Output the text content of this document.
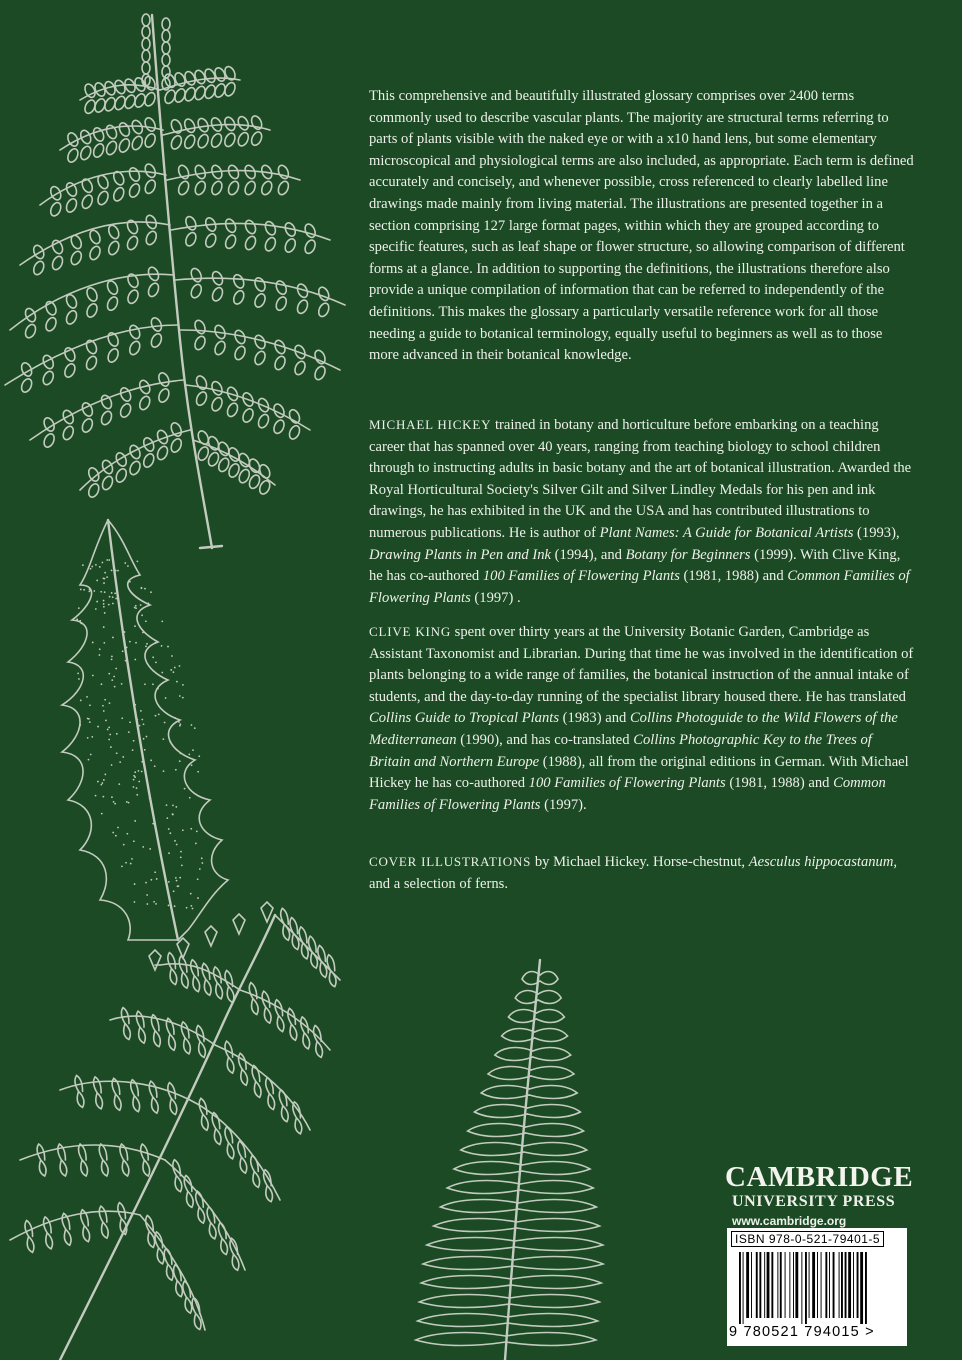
This comprehensive and beautifully illustrated glossary comprises over 2400 terms commonly used to describe vascular plants. The majority are structural terms referring to parts of plants visible with the naked eye or with a x10 hand lens, but some elementary microscopical and physiological terms are also included, as appropriate. Each term is defined accurately and concisely, and whenever possible, cross referenced to clearly labelled line drawings made mainly from living material. The illustrations are presented together in a section comprising 127 large format pages, within which they are grouped according to specific features, such as leaf shape or flower structure, so allowing comparison of different forms at a glance. In addition to supporting the definitions, the illustrations therefore also provide a unique compilation of information that can be referred to independently of the definitions. This makes the glossary a particularly versatile reference work for all those needing a guide to botanical terminology, equally useful to beginners as well as to those more advanced in their botanical knowledge.

MICHAEL HICKEY trained in botany and horticulture before embarking on a teaching career that has spanned over 40 years, ranging from teaching biology to school children through to instructing adults in basic botany and the art of botanical illustration. Awarded the Royal Horticultural Society's Silver Gilt and Silver Lindley Medals for his pen and ink drawings, he has exhibited in the UK and the USA and has contributed illustrations to numerous publications. He is author of Plant Names: A Guide for Botanical Artists (1993), Drawing Plants in Pen and Ink (1994), and Botany for Beginners (1999). With Clive King, he has co-authored 100 Families of Flowering Plants (1981, 1988) and Common Families of Flowering Plants (1997) .

CLIVE KING spent over thirty years at the University Botanic Garden, Cambridge as Assistant Taxonomist and Librarian. During that time he was involved in the identification of plants belonging to a wide range of families, the botanical instruction of the annual intake of students, and the day-to-day running of the specialist library housed there. He has translated Collins Guide to Tropical Plants (1983) and Collins Photoguide to the Wild Flowers of the Mediterranean (1990), and has co-translated Collins Photographic Key to the Trees of Britain and Northern Europe (1988), all from the original editions in German. With Michael Hickey he has co-authored 100 Families of Flowering Plants (1981, 1988) and Common Families of Flowering Plants (1997).

COVER ILLUSTRATIONS by Michael Hickey. Horse-chestnut, Aesculus hippocastanum, and a selection of ferns.

CAMBRIDGE
UNIVERSITY PRESS
www.cambridge.org
ISBN 978-0-521-79401-5
9 780521 794015 >
